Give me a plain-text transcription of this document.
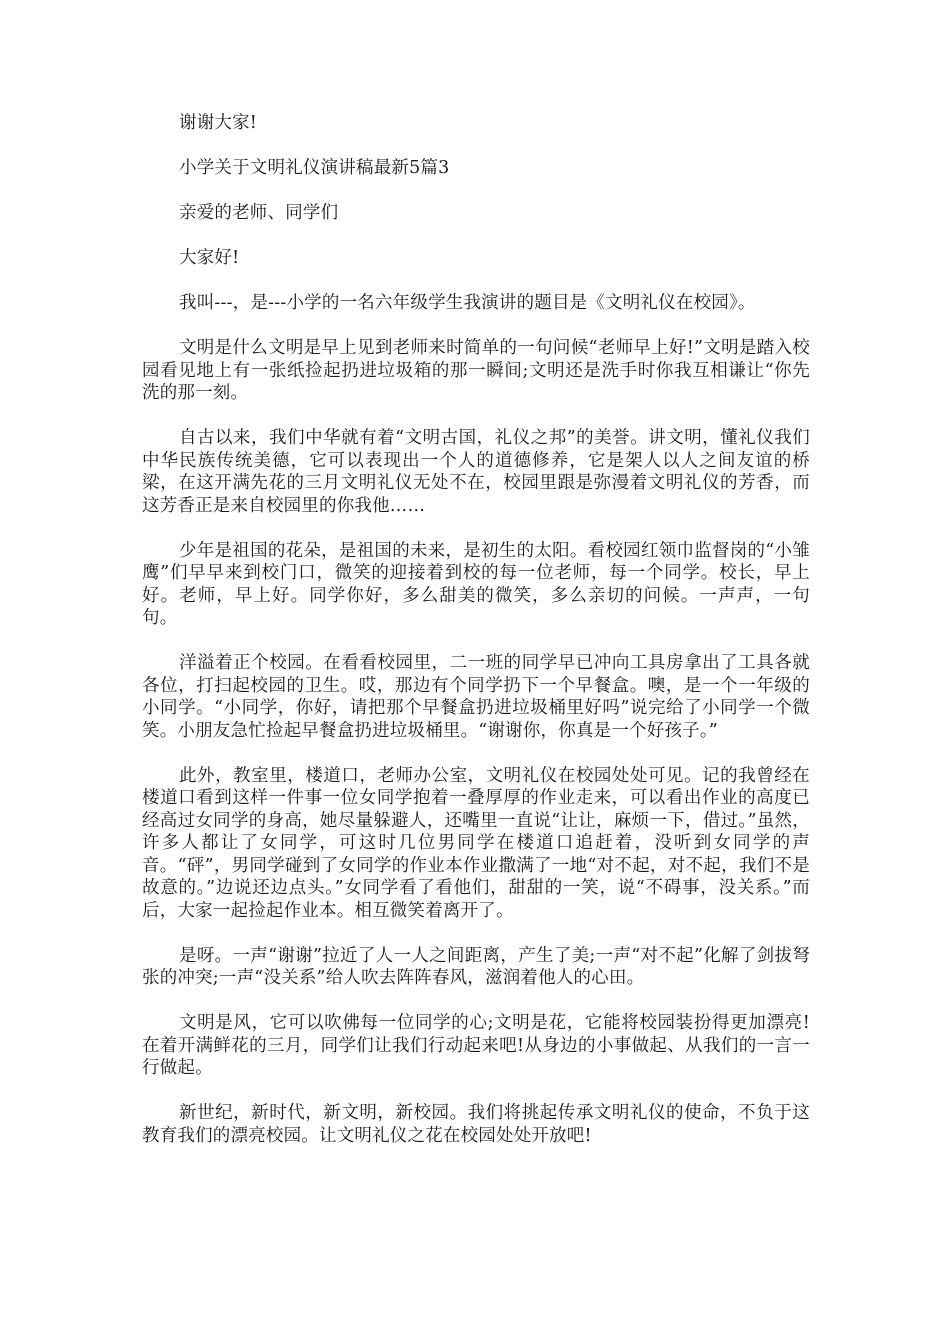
谢谢大家!

小学关于文明礼仪演讲稿最新5篇3

亲爱的老师、同学们

大家好!

我叫---，是---小学的一名六年级学生我演讲的题目是《文明礼仪在校园》。

文明是什么文明是早上见到老师来时简单的一句问候“老师早上好!”文明是踏入校园看见地上有一张纸捡起扔进垃圾箱的那一瞬间;文明还是洗手时你我互相谦让“你先洗的那一刻。

自古以来，我们中华就有着“文明古国，礼仪之邦”的美誉。讲文明，懂礼仪我们中华民族传统美德，它可以表现出一个人的道德修养，它是架人以人之间友谊的桥梁，在这开满先花的三月文明礼仪无处不在，校园里跟是弥漫着文明礼仪的芳香，而这芳香正是来自校园里的你我他……

少年是祖国的花朵，是祖国的未来，是初生的太阳。看校园红领巾监督岗的“小雏鹰”们早早来到校门口，微笑的迎接着到校的每一位老师，每一个同学。校长，早上好。老师，早上好。同学你好，多么甜美的微笑，多么亲切的问候。一声声，一句句。

洋溢着正个校园。在看看校园里，二一班的同学早已冲向工具房拿出了工具各就各位，打扫起校园的卫生。哎，那边有个同学扔下一个早餐盒。噢，是一个一年级的小同学。“小同学，你好，请把那个早餐盒扔进垃圾桶里好吗”说完给了小同学一个微笑。小朋友急忙捡起早餐盒扔进垃圾桶里。“谢谢你，你真是一个好孩子。”

此外，教室里，楼道口，老师办公室，文明礼仪在校园处处可见。记的我曾经在楼道口看到这样一件事一位女同学抱着一叠厚厚的作业走来，可以看出作业的高度已经高过女同学的身高，她尽量躲避人，还嘴里一直说“让让，麻烦一下，借过。”虽然，许多人都让了女同学，可这时几位男同学在楼道口追赶着，没听到女同学的声音。“砰”，男同学碰到了女同学的作业本作业撒满了一地“对不起，对不起，我们不是故意的。”边说还边点头。”女同学看了看他们，甜甜的一笑，说“不碍事，没关系。”而后，大家一起捡起作业本。相互微笑着离开了。

是呀。一声“谢谢”拉近了人一人之间距离，产生了美;一声“对不起”化解了剑拔弩张的冲突;一声“没关系”给人吹去阵阵春风，滋润着他人的心田。

文明是风，它可以吹佛每一位同学的心;文明是花，它能将校园装扮得更加漂亮!在着开满鲜花的三月，同学们让我们行动起来吧!从身边的小事做起、从我们的一言一行做起。

新世纪，新时代，新文明，新校园。我们将挑起传承文明礼仪的使命，不负于这教育我们的漂亮校园。让文明礼仪之花在校园处处开放吧!
